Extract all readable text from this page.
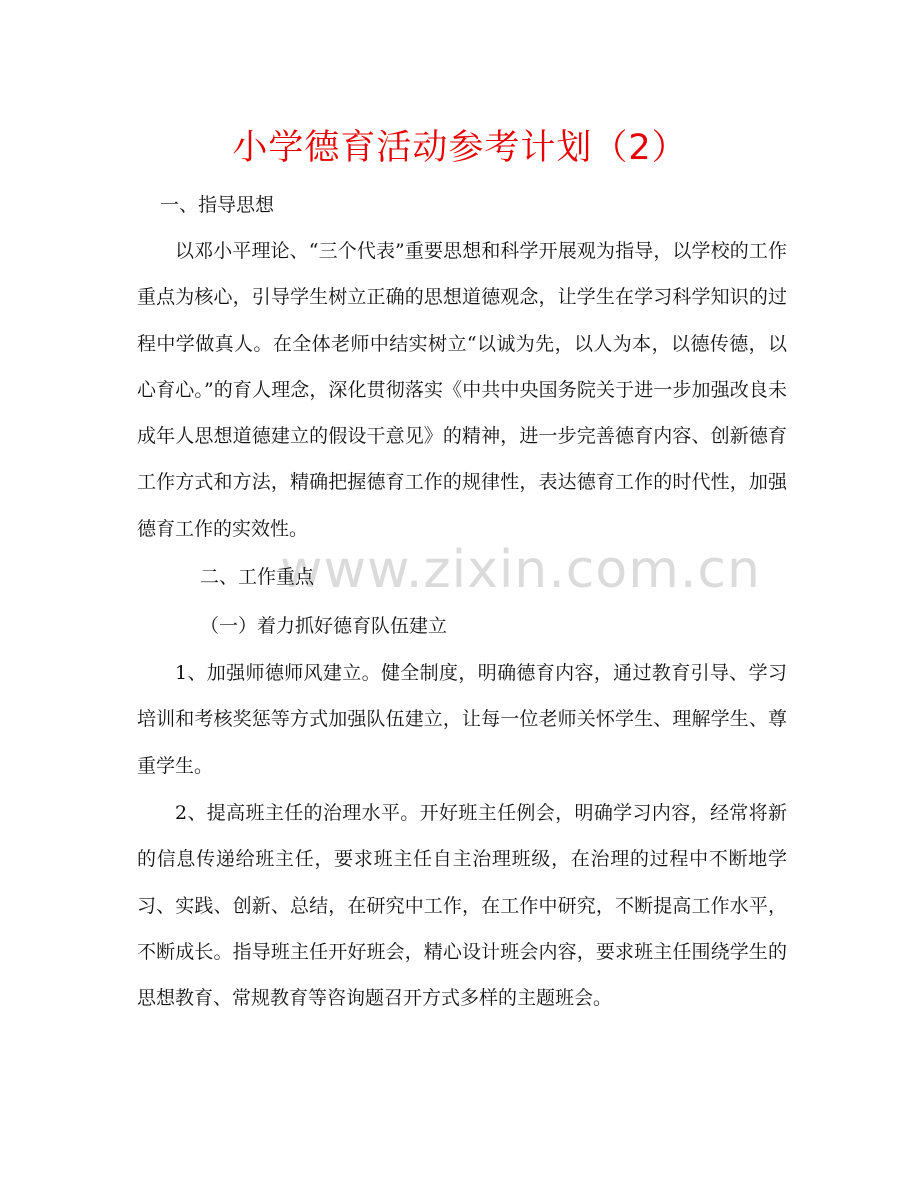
www.zixin.com.cn
小学德育活动参考计划（2）

一、指导思想

以邓小平理论、“三个代表”重要思想和科学开展观为指导，以学校的工作重点为核心，引导学生树立正确的思想道德观念，让学生在学习科学知识的过程中学做真人。在全体老师中结实树立“以诚为先，以人为本，以德传德，以心育心。”的育人理念，深化贯彻落实《中共中央国务院关于进一步加强改良未成年人思想道德建立的假设干意见》的精神，进一步完善德育内容、创新德育工作方式和方法，精确把握德育工作的规律性，表达德育工作的时代性，加强德育工作的实效性。

二、工作重点

（一）着力抓好德育队伍建立

1、加强师德师风建立。健全制度，明确德育内容，通过教育引导、学习培训和考核奖惩等方式加强队伍建立，让每一位老师关怀学生、理解学生、尊重学生。

2、提高班主任的治理水平。开好班主任例会，明确学习内容，经常将新的信息传递给班主任，要求班主任自主治理班级，在治理的过程中不断地学习、实践、创新、总结，在研究中工作，在工作中研究，不断提高工作水平，不断成长。指导班主任开好班会，精心设计班会内容，要求班主任围绕学生的思想教育、常规教育等咨询题召开方式多样的主题班会。
